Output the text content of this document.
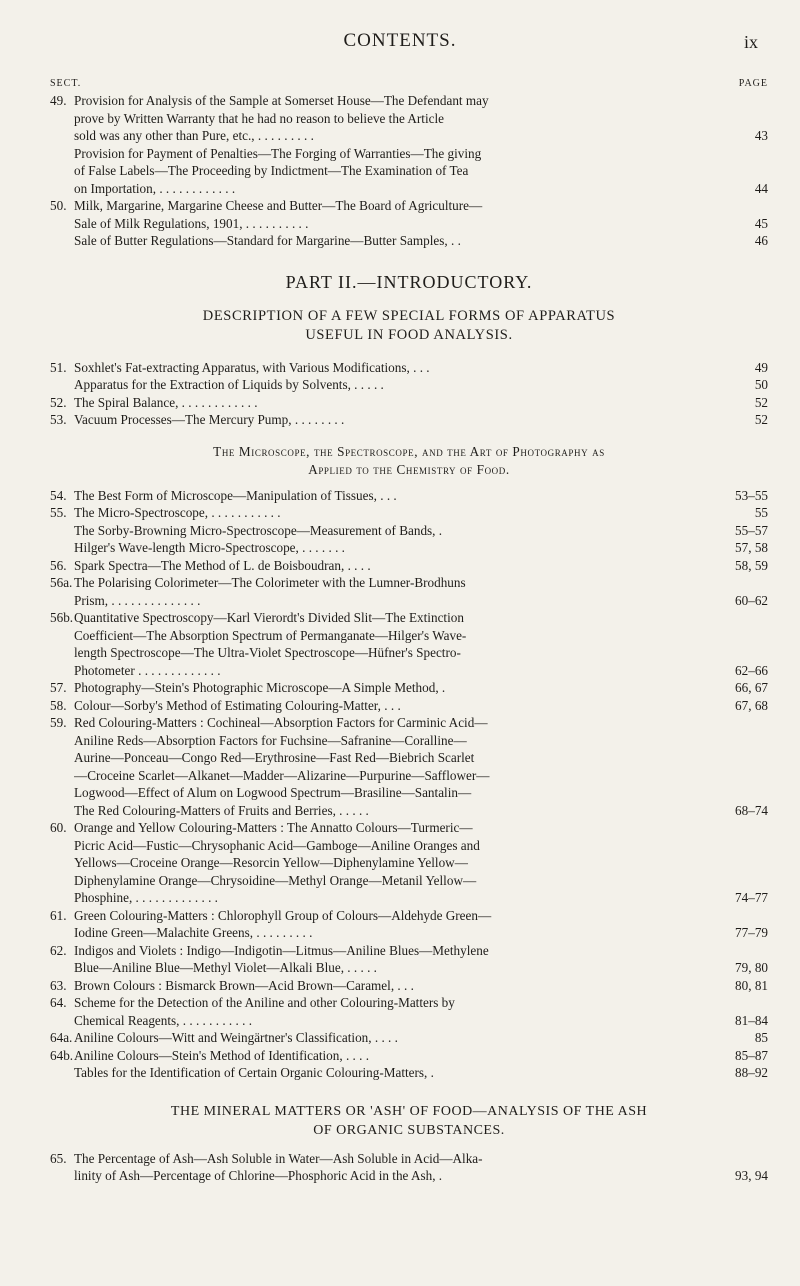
CONTENTS.	ix
SECT.	PAGE
49. Provision for Analysis of the Sample at Somerset House—The Defendant may
prove by Written Warranty that he had no reason to believe the Article
sold was any other than Pure, etc., . . . . . . . . .	43
Provision for Payment of Penalties—The Forging of Warranties—The giving
of False Labels—The Proceeding by Indictment—The Examination of Tea
on Importation, . . . . . . . . . . . .	44
50. Milk, Margarine, Margarine Cheese and Butter—The Board of Agriculture—
Sale of Milk Regulations, 1901, . . . . . . . . . .	45
Sale of Butter Regulations—Standard for Margarine—Butter Samples, . .	46
PART II.—INTRODUCTORY.
DESCRIPTION OF A FEW SPECIAL FORMS OF APPARATUS
USEFUL IN FOOD ANALYSIS.
51. Soxhlet's Fat-extracting Apparatus, with Various Modifications, . . .	49
Apparatus for the Extraction of Liquids by Solvents, . . . . .	50
52. The Spiral Balance, . . . . . . . . . . . .	52
53. Vacuum Processes—The Mercury Pump, . . . . . . . .	52
The Microscope, the Spectroscope, and the Art of Photography as
Applied to the Chemistry of Food.
54. The Best Form of Microscope—Manipulation of Tissues, . . .	53–55
55. The Micro-Spectroscope, . . . . . . . . . . .	55
The Sorby-Browning Micro-Spectroscope—Measurement of Bands, .	55–57
Hilger's Wave-length Micro-Spectroscope, . . . . . . .	57, 58
56. Spark Spectra—The Method of L. de Boisboudran, . . . .	58, 59
56a. The Polarising Colorimeter—The Colorimeter with the Lumner-Brodhuns
Prism, . . . . . . . . . . . . . .	60–62
56b. Quantitative Spectroscopy—Karl Vierordt's Divided Slit—The Extinction
Coefficient—The Absorption Spectrum of Permanganate—Hilger's Wave-
length Spectroscope—The Ultra-Violet Spectroscope—Hüfner's Spectro-
Photometer . . . . . . . . . . . . .	62–66
57. Photography—Stein's Photographic Microscope—A Simple Method, .	66, 67
58. Colour—Sorby's Method of Estimating Colouring-Matter, . . .	67, 68
59. Red Colouring-Matters : Cochineal—Absorption Factors for Carminic Acid—
Aniline Reds—Absorption Factors for Fuchsine—Safranine—Coralline—
Aurine—Ponceau—Congo Red—Erythrosine—Fast Red—Biebrich Scarlet
—Croceine Scarlet—Alkanet—Madder—Alizarine—Purpurine—Safflower—
Logwood—Effect of Alum on Logwood Spectrum—Brasiline—Santalin—
The Red Colouring-Matters of Fruits and Berries, . . . . .	68–74
60. Orange and Yellow Colouring-Matters : The Annatto Colours—Turmeric—
Picric Acid—Fustic—Chrysophanic Acid—Gamboge—Aniline Oranges and
Yellows—Croceine Orange—Resorcin Yellow—Diphenylamine Yellow—
Diphenylamine Orange—Chrysoidine—Methyl Orange—Metanil Yellow—
Phosphine, . . . . . . . . . . . . .	74–77
61. Green Colouring-Matters : Chlorophyll Group of Colours—Aldehyde Green—
Iodine Green—Malachite Greens, . . . . . . . . .	77–79
62. Indigos and Violets : Indigo—Indigotin—Litmus—Aniline Blues—Methylene
Blue—Aniline Blue—Methyl Violet—Alkali Blue, . . . . .	79, 80
63. Brown Colours : Bismarck Brown—Acid Brown—Caramel, . . .	80, 81
64. Scheme for the Detection of the Aniline and other Colouring-Matters by
Chemical Reagents, . . . . . . . . . . .	81–84
64a. Aniline Colours—Witt and Weingärtner's Classification, . . . .	85
64b. Aniline Colours—Stein's Method of Identification, . . . .	85–87
Tables for the Identification of Certain Organic Colouring-Matters, .	88–92
THE MINERAL MATTERS OR 'ASH' OF FOOD—ANALYSIS OF THE ASH
OF ORGANIC SUBSTANCES.
65. The Percentage of Ash—Ash Soluble in Water—Ash Soluble in Acid—Alka-
linity of Ash—Percentage of Chlorine—Phosphoric Acid in the Ash, .	93, 94
